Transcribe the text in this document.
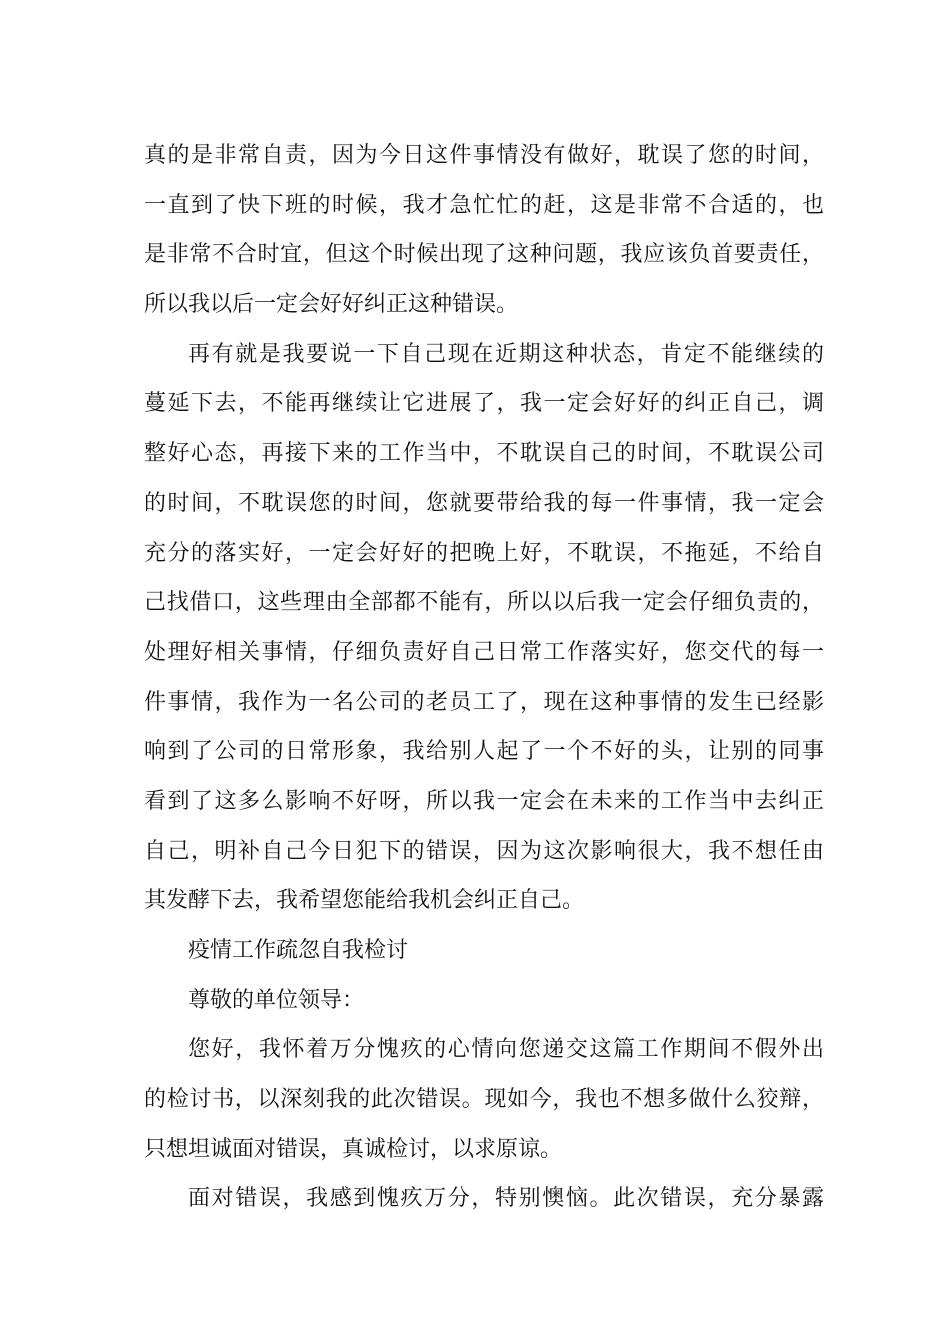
真的是非常自责，因为今日这件事情没有做好，耽误了您的时间，
一直到了快下班的时候，我才急忙忙的赶，这是非常不合适的，也
是非常不合时宜，但这个时候出现了这种问题，我应该负首要责任，
所以我以后一定会好好纠正这种错误。
再有就是我要说一下自己现在近期这种状态，肯定不能继续的
蔓延下去，不能再继续让它进展了，我一定会好好的纠正自己，调
整好心态，再接下来的工作当中，不耽误自己的时间，不耽误公司
的时间，不耽误您的时间，您就要带给我的每一件事情，我一定会
充分的落实好，一定会好好的把晚上好，不耽误，不拖延，不给自
己找借口，这些理由全部都不能有，所以以后我一定会仔细负责的，
处理好相关事情，仔细负责好自己日常工作落实好，您交代的每一
件事情，我作为一名公司的老员工了，现在这种事情的发生已经影
响到了公司的日常形象，我给别人起了一个不好的头，让别的同事
看到了这多么影响不好呀，所以我一定会在未来的工作当中去纠正
自己，明补自己今日犯下的错误，因为这次影响很大，我不想任由
其发酵下去，我希望您能给我机会纠正自己。
疫情工作疏忽自我检讨
尊敬的单位领导：
您好，我怀着万分愧疚的心情向您递交这篇工作期间不假外出
的检讨书，以深刻我的此次错误。现如今，我也不想多做什么狡辩，
只想坦诚面对错误，真诚检讨，以求原谅。
面对错误，我感到愧疚万分，特别懊恼。此次错误，充分暴露
